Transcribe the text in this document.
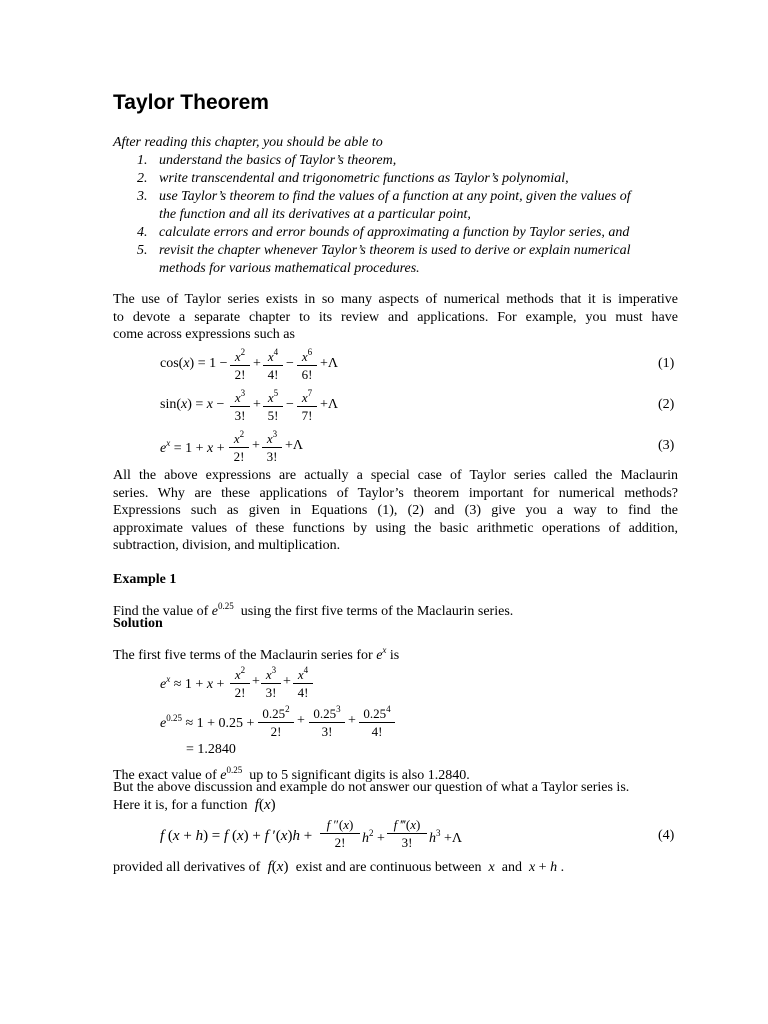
Taylor Theorem
After reading this chapter, you should be able to
1. understand the basics of Taylor’s theorem,
2. write transcendental and trigonometric functions as Taylor’s polynomial,
3. use Taylor’s theorem to find the values of a function at any point, given the values of
the function and all its derivatives at a particular point,
4. calculate errors and error bounds of approximating a function by Taylor series, and
5. revisit the chapter whenever Taylor’s theorem is used to derive or explain numerical
methods for various mathematical procedures.
The use of Taylor series exists in so many aspects of numerical methods that it is imperative
to devote a separate chapter to its review and applications. For example, you must have
come across expressions such as
$\cos(x) = 1 - x^2$
2!
+ $x^4$
4!
− $x^6$
6!
+Λ	(1)
$\sin(x) = x - x^3$
3!
+ $x^5$
5!
− $x^7$
7!
+Λ	(2)
$e^x = 1 + x$ +
$x^2$
2!
+ $x^3$
3!
+Λ	(3)
All the above expressions are actually a special case of Taylor series called the Maclaurin
series. Why are these applications of Taylor’s theorem important for numerical methods?
Expressions such as given in Equations (1), (2) and (3) give you a way to find the
approximate values of these functions by using the basic arithmetic operations of addition,
subtraction, division, and multiplication.
Example 1
Find the value of $e^{0.25}$ using the first five terms of the Maclaurin series.
Solution
The first five terms of the Maclaurin series for $e^x$ is
$e^x \approx 1 + x$ +
$x^2$
2!
+ $x^3$
3!
+ $x^4$
4!
$e^{0.25} \approx 1 + 0.25$ +
$0.25^2$
2!
+ $0.25^3$
3!
+ $0.25^4$
4!
= 1.2840
The exact value of $e^{0.25}$ up to 5 significant digits is also 1.2840.
But the above discussion and example do not answer our question of what a Taylor series is.
Here it is, for a function f(x)
f (x + h) = f (x) + f ′(x)h +
f ″(x)
2!	$h^2$ +
f ‴(x)
3!	$h^3 +\Lambda$	(4)
provided all derivatives of f(x)  exist and are continuous between x and x + h .
